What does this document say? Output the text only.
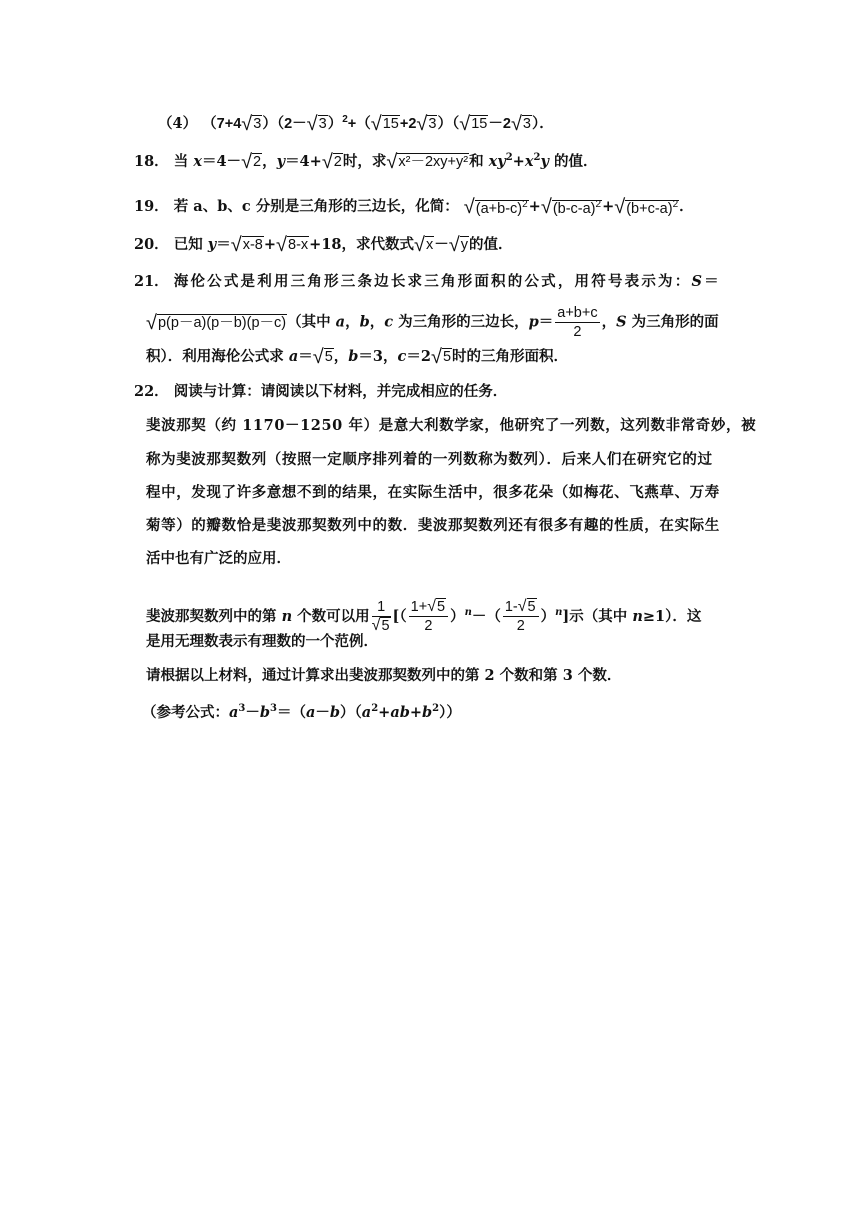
（4） $(7+4√3)(2-√3)^2+(√15+2√3)(√15-2√3)$．
18． 当 x＝4－√2，y＝4+√2时，求√x²－2xy+y²和 $xy^2+x^2y$ 的值．
19． 若 a、b、c 分别是三角形的三边长，化简： $√(a+b-c)^2+√(b-c-a)^2+√(b+c-a)^2$．
20． 已知 y＝√x-8+√8-x+18，求代数式√x－√y的值．
21． 海伦公式是利用三角形三条边长求三角形面积的公式，用符号表示为：S＝
√p(p－a)(p－b)(p－c)（其中 a，b，c 为三角形的三边长，$p= \frac{a+b+c}{2}$ ，S 为三角形的面
积）．利用海伦公式求 a＝√5，b＝3，c＝2√5时的三角形面积．
22． 阅读与计算：请阅读以下材料，并完成相应的任务．
斐波那契（约 1170－1250 年）是意大利数学家，他研究了一列数，这列数非常奇妙，被
称为斐波那契数列（按照一定顺序排列着的一列数称为数列）．后来人们在研究它的过
程中，发现了许多意想不到的结果，在实际生活中，很多花朵（如梅花、飞燕草、万寿
菊等）的瓣数恰是斐波那契数列中的数．斐波那契数列还有很多有趣的性质，在实际生
活中也有广泛的应用．
斐波那契数列中的第 n 个数可以用 $\frac{1}{√5}$ [（ $\frac{1+√5}{2} )^n-( \frac{1-√5}{2} )^n$]示（其中 n≥1）．这
是用无理数表示有理数的一个范例．
请根据以上材料，通过计算求出斐波那契数列中的第 2 个数和第 3 个数．
（参考公式：$a^3-b^3=(a-b)(a^2+ab+b^2)$）
